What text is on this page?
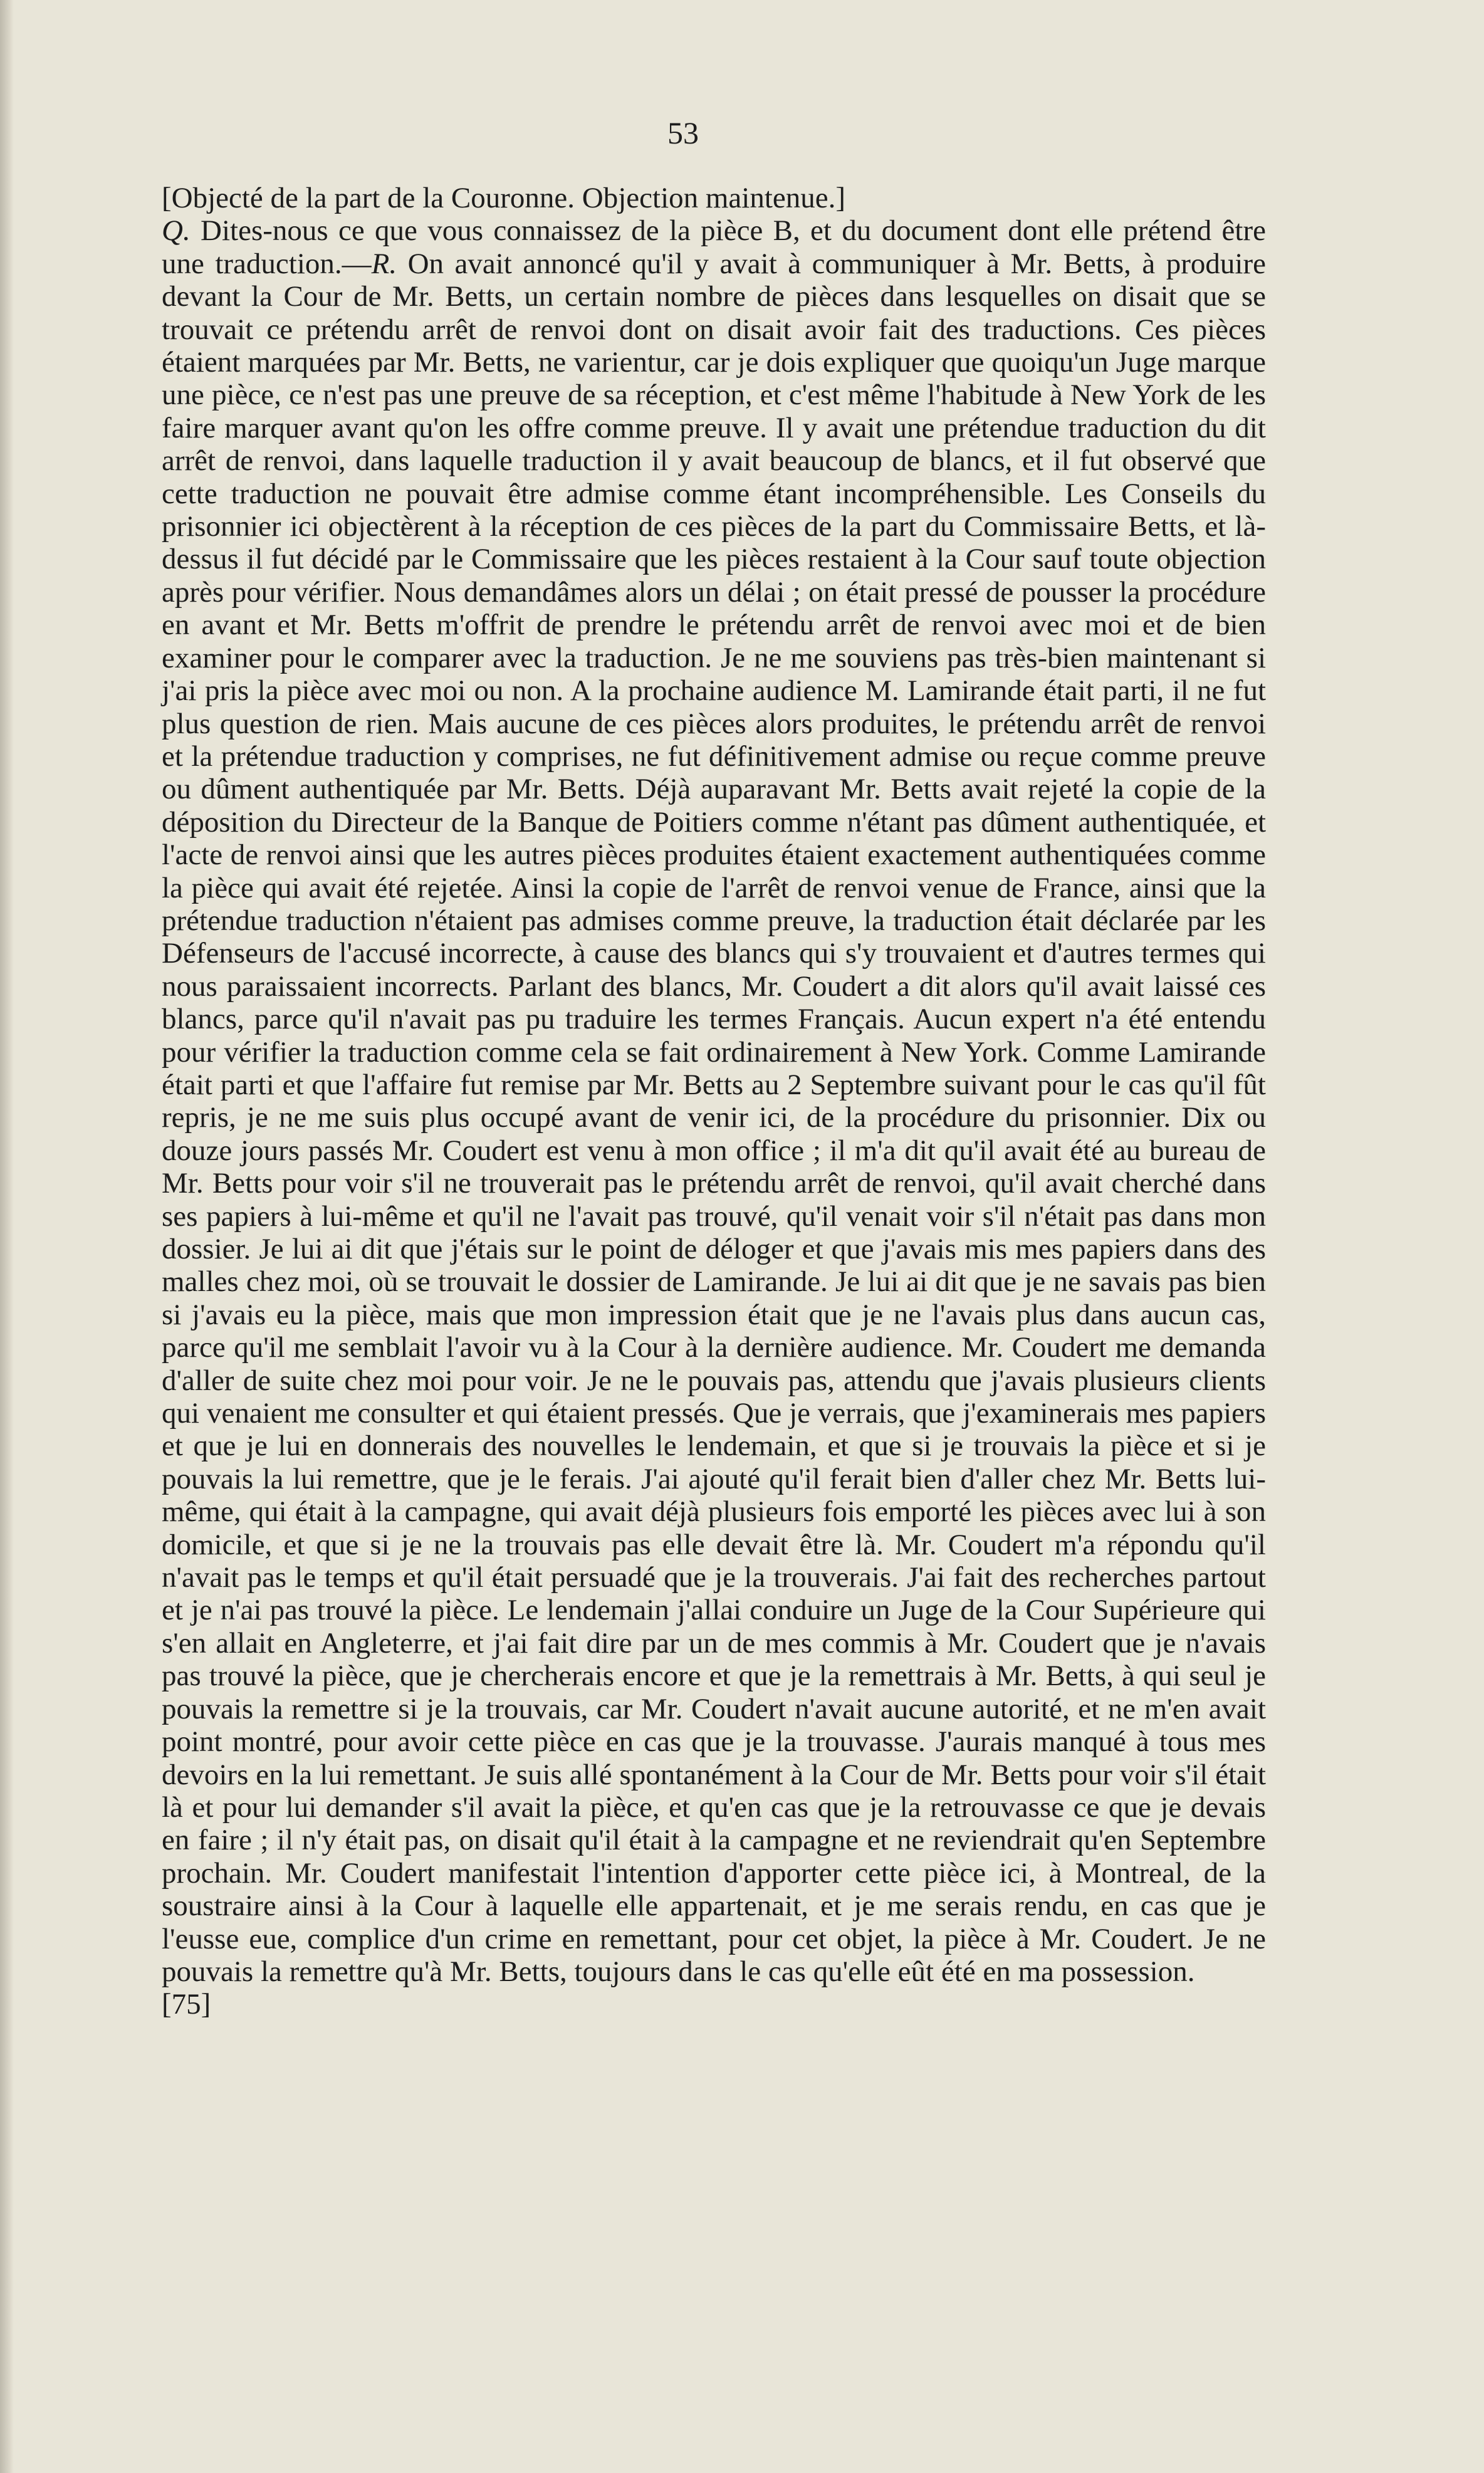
53

[Objecté de la part de la Couronne. Objection maintenue.]

Q. Dites-nous ce que vous connaissez de la pièce B, et du document dont elle prétend être une traduction.—R. On avait annoncé qu'il y avait à communiquer à Mr. Betts, à produire devant la Cour de Mr. Betts, un certain nombre de pièces dans lesquelles on disait que se trouvait ce prétendu arrêt de renvoi dont on disait avoir fait des traductions. Ces pièces étaient marquées par Mr. Betts, ne varientur, car je dois expliquer que quoiqu'un Juge marque une pièce, ce n'est pas une preuve de sa réception, et c'est même l'habitude à New York de les faire marquer avant qu'on les offre comme preuve. Il y avait une prétendue traduction du dit arrêt de renvoi, dans laquelle traduction il y avait beaucoup de blancs, et il fut observé que cette traduction ne pouvait être admise comme étant incompréhensible. Les Conseils du prisonnier ici objectèrent à la réception de ces pièces de la part du Commissaire Betts, et là-dessus il fut décidé par le Commissaire que les pièces restaient à la Cour sauf toute objection après pour vérifier. Nous demandâmes alors un délai ; on était pressé de pousser la procédure en avant et Mr. Betts m'offrit de prendre le prétendu arrêt de renvoi avec moi et de bien examiner pour le comparer avec la traduction. Je ne me souviens pas très-bien maintenant si j'ai pris la pièce avec moi ou non. A la prochaine audience M. Lamirande était parti, il ne fut plus question de rien. Mais aucune de ces pièces alors produites, le prétendu arrêt de renvoi et la prétendue traduction y comprises, ne fut définitivement admise ou reçue comme preuve ou dûment authentiquée par Mr. Betts. Déjà auparavant Mr. Betts avait rejeté la copie de la déposition du Directeur de la Banque de Poitiers comme n'étant pas dûment authentiquée, et l'acte de renvoi ainsi que les autres pièces produites étaient exactement authentiquées comme la pièce qui avait été rejetée. Ainsi la copie de l'arrêt de renvoi venue de France, ainsi que la prétendue traduction n'étaient pas admises comme preuve, la traduction était déclarée par les Défenseurs de l'accusé incorrecte, à cause des blancs qui s'y trouvaient et d'autres termes qui nous paraissaient incorrects. Parlant des blancs, Mr. Coudert a dit alors qu'il avait laissé ces blancs, parce qu'il n'avait pas pu traduire les termes Français. Aucun expert n'a été entendu pour vérifier la traduction comme cela se fait ordinairement à New York. Comme Lamirande était parti et que l'affaire fut remise par Mr. Betts au 2 Septembre suivant pour le cas qu'il fût repris, je ne me suis plus occupé avant de venir ici, de la procédure du prisonnier. Dix ou douze jours passés Mr. Coudert est venu à mon office ; il m'a dit qu'il avait été au bureau de Mr. Betts pour voir s'il ne trouverait pas le prétendu arrêt de renvoi, qu'il avait cherché dans ses papiers à lui-même et qu'il ne l'avait pas trouvé, qu'il venait voir s'il n'était pas dans mon dossier. Je lui ai dit que j'étais sur le point de déloger et que j'avais mis mes papiers dans des malles chez moi, où se trouvait le dossier de Lamirande. Je lui ai dit que je ne savais pas bien si j'avais eu la pièce, mais que mon impression était que je ne l'avais plus dans aucun cas, parce qu'il me semblait l'avoir vu à la Cour à la dernière audience. Mr. Coudert me demanda d'aller de suite chez moi pour voir. Je ne le pouvais pas, attendu que j'avais plusieurs clients qui venaient me consulter et qui étaient pressés. Que je verrais, que j'examinerais mes papiers et que je lui en donnerais des nouvelles le lendemain, et que si je trouvais la pièce et si je pouvais la lui remettre, que je le ferais. J'ai ajouté qu'il ferait bien d'aller chez Mr. Betts lui-même, qui était à la campagne, qui avait déjà plusieurs fois emporté les pièces avec lui à son domicile, et que si je ne la trouvais pas elle devait être là. Mr. Coudert m'a répondu qu'il n'avait pas le temps et qu'il était persuadé que je la trouverais. J'ai fait des recherches partout et je n'ai pas trouvé la pièce. Le lendemain j'allai conduire un Juge de la Cour Supérieure qui s'en allait en Angleterre, et j'ai fait dire par un de mes commis à Mr. Coudert que je n'avais pas trouvé la pièce, que je chercherais encore et que je la remettrais à Mr. Betts, à qui seul je pouvais la remettre si je la trouvais, car Mr. Coudert n'avait aucune autorité, et ne m'en avait point montré, pour avoir cette pièce en cas que je la trouvasse. J'aurais manqué à tous mes devoirs en la lui remettant. Je suis allé spontanément à la Cour de Mr. Betts pour voir s'il était là et pour lui demander s'il avait la pièce, et qu'en cas que je la retrouvasse ce que je devais en faire ; il n'y était pas, on disait qu'il était à la campagne et ne reviendrait qu'en Septembre prochain. Mr. Coudert manifestait l'intention d'apporter cette pièce ici, à Montreal, de la soustraire ainsi à la Cour à laquelle elle appartenait, et je me serais rendu, en cas que je l'eusse eue, complice d'un crime en remettant, pour cet objet, la pièce à Mr. Coudert. Je ne pouvais la remettre qu'à Mr. Betts, toujours dans le cas qu'elle eût été en ma possession.

[75]
